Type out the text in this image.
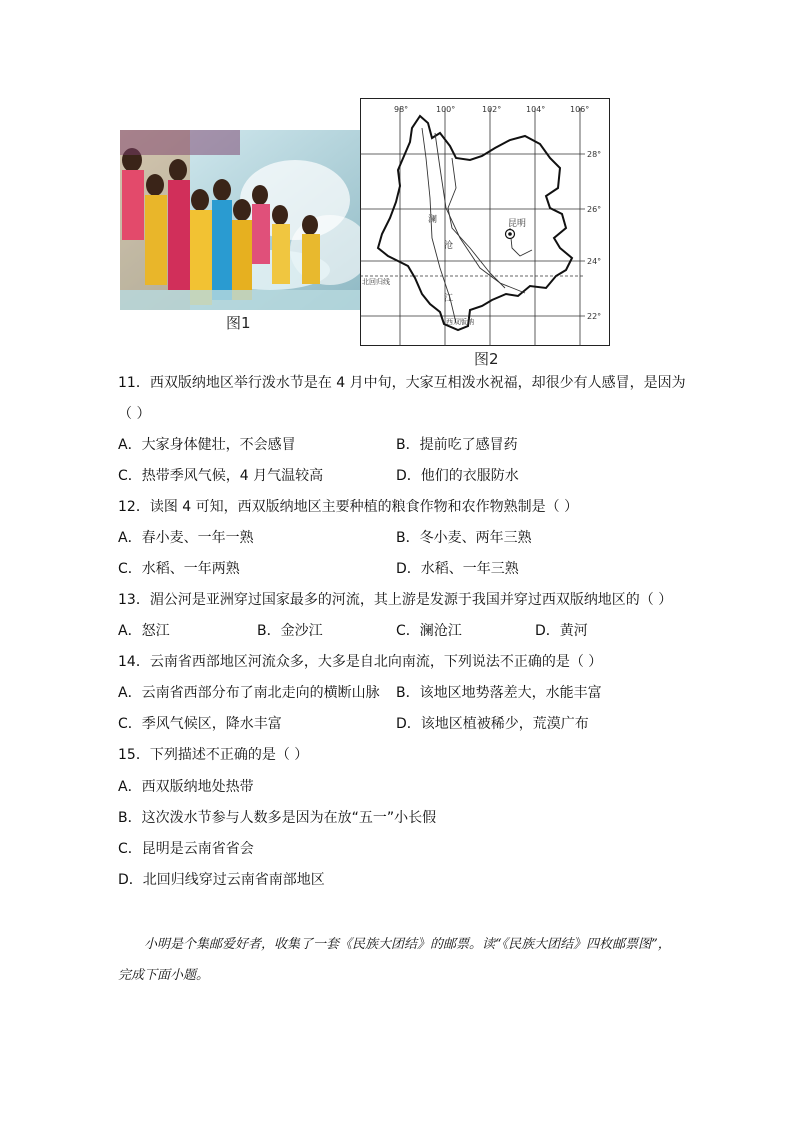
图1
98°	100°	102°	104°	106°
28°
26°
24°
22°
昆明
澜
沧
江
北回归线
西双版纳
图2
11．西双版纳地区举行泼水节是在 4 月中旬，大家互相泼水祝福，却很少有人感冒，是因为
（ ）
A．大家身体健壮，不会感冒	B．提前吃了感冒药
C．热带季风气候，4 月气温较高	D．他们的衣服防水
12．读图 4 可知，西双版纳地区主要种植的粮食作物和农作物熟制是（ ）
A．春小麦、一年一熟	B．冬小麦、两年三熟
C．水稻、一年两熟	D．水稻、一年三熟
13．湄公河是亚洲穿过国家最多的河流，其上游是发源于我国并穿过西双版纳地区的（ ）
A．怒江	B．金沙江	C．澜沧江	D．黄河
14．云南省西部地区河流众多，大多是自北向南流，下列说法不正确的是（ ）
A．云南省西部分布了南北走向的横断山脉 B．该地区地势落差大，水能丰富
C．季风气候区，降水丰富	D．该地区植被稀少，荒漠广布
15．下列描述不正确的是（ ）
A．西双版纳地处热带
B．这次泼水节参与人数多是因为在放“五一”小长假
C．昆明是云南省省会
D．北回归线穿过云南省南部地区
小明是个集邮爱好者，收集了一套《民族大团结》的邮票。读“《民族大团结》四枚邮票图”，完成下面小题。
